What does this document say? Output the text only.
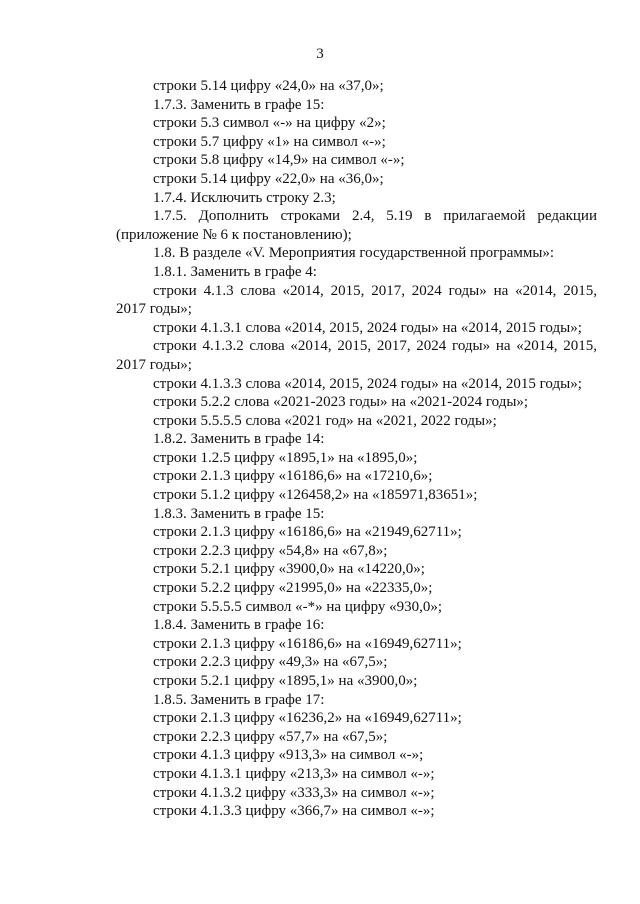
3

строки 5.14 цифру «24,0» на «37,0»;

1.7.3. Заменить в графе 15:

строки 5.3 символ «-» на цифру «2»;

строки 5.7 цифру «1» на символ «-»;

строки 5.8 цифру «14,9» на символ «-»;

строки 5.14 цифру «22,0» на «36,0»;

1.7.4. Исключить строку 2.3;

1.7.5. Дополнить строками 2.4, 5.19 в прилагаемой редакции (приложение № 6 к постановлению);

1.8. В разделе «V. Мероприятия государственной программы»:

1.8.1. Заменить в графе 4:

строки 4.1.3 слова «2014, 2015, 2017, 2024 годы» на «2014, 2015, 2017 годы»;

строки 4.1.3.1 слова «2014, 2015, 2024 годы» на «2014, 2015 годы»;

строки 4.1.3.2 слова «2014, 2015, 2017, 2024 годы» на «2014, 2015, 2017 годы»;

строки 4.1.3.3 слова «2014, 2015, 2024 годы» на «2014, 2015 годы»;

строки 5.2.2 слова «2021-2023 годы» на «2021-2024 годы»;

строки 5.5.5.5 слова «2021 год» на «2021, 2022 годы»;

1.8.2. Заменить в графе 14:

строки 1.2.5 цифру «1895,1» на «1895,0»;

строки 2.1.3 цифру «16186,6» на «17210,6»;

строки 5.1.2 цифру «126458,2» на «185971,83651»;

1.8.3. Заменить в графе 15:

строки 2.1.3 цифру «16186,6» на «21949,62711»;

строки 2.2.3 цифру «54,8» на «67,8»;

строки 5.2.1 цифру «3900,0» на «14220,0»;

строки 5.2.2 цифру «21995,0» на «22335,0»;

строки 5.5.5.5 символ «-*» на цифру «930,0»;

1.8.4. Заменить в графе 16:

строки 2.1.3 цифру «16186,6» на «16949,62711»;

строки 2.2.3 цифру «49,3» на «67,5»;

строки 5.2.1 цифру «1895,1» на «3900,0»;

1.8.5. Заменить в графе 17:

строки 2.1.3 цифру «16236,2» на «16949,62711»;

строки 2.2.3 цифру «57,7» на «67,5»;

строки 4.1.3 цифру «913,3» на символ «-»;

строки 4.1.3.1 цифру «213,3» на символ «-»;

строки 4.1.3.2 цифру «333,3» на символ «-»;

строки 4.1.3.3 цифру «366,7» на символ «-»;
